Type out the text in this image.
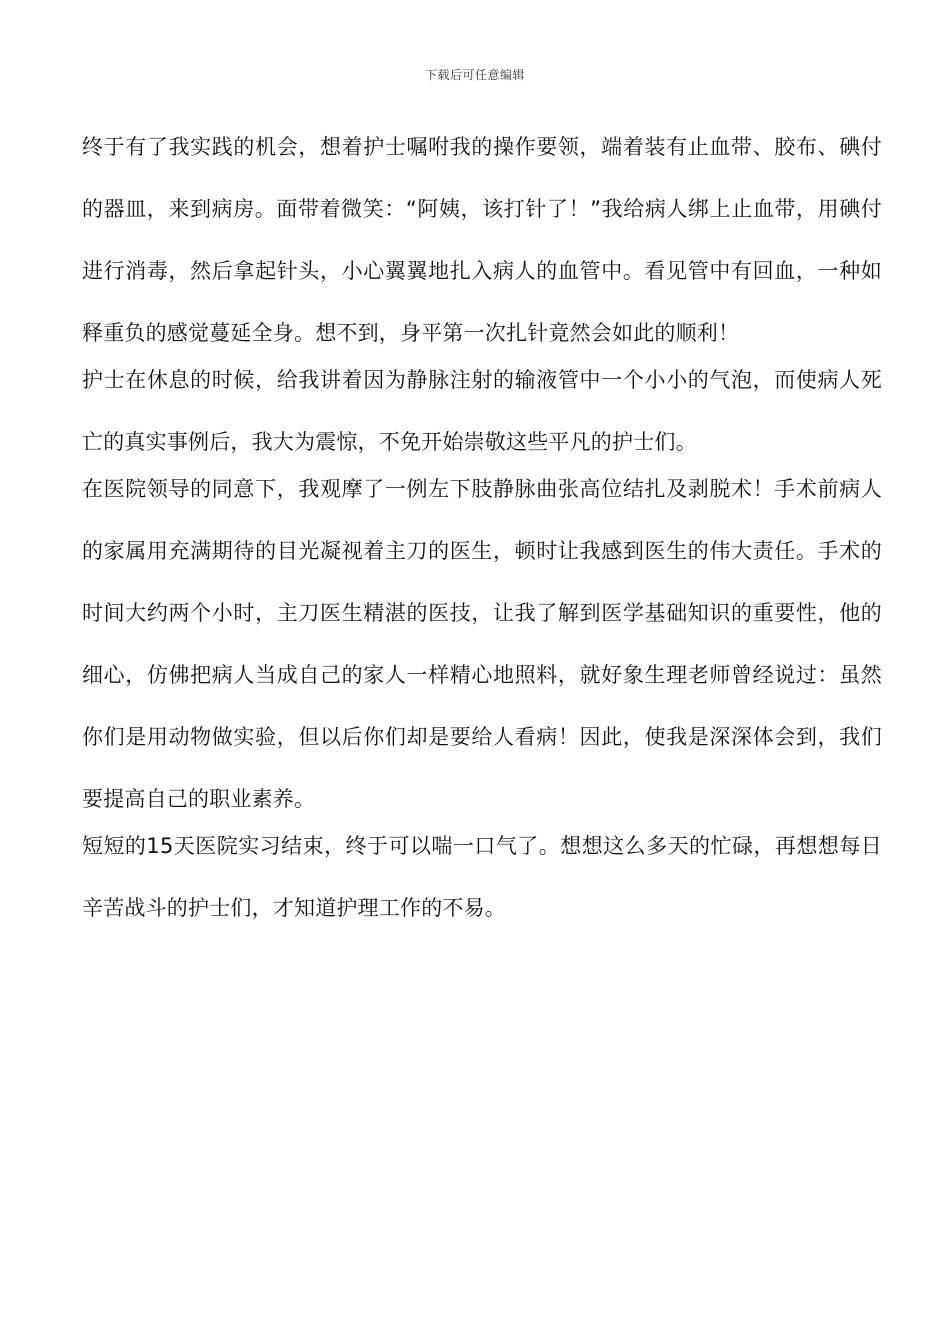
下载后可任意编辑

终于有了我实践的机会，想着护士嘱咐我的操作要领，端着装有止血带、胶布、碘付的器皿，来到病房。面带着微笑：“阿姨，该打针了！”我给病人绑上止血带，用碘付进行消毒，然后拿起针头，小心翼翼地扎入病人的血管中。看见管中有回血，一种如释重负的感觉蔓延全身。想不到，身平第一次扎针竟然会如此的顺利！

护士在休息的时候，给我讲着因为静脉注射的输液管中一个小小的气泡，而使病人死亡的真实事例后，我大为震惊，不免开始崇敬这些平凡的护士们。

在医院领导的同意下，我观摩了一例左下肢静脉曲张高位结扎及剥脱术！手术前病人的家属用充满期待的目光凝视着主刀的医生，顿时让我感到医生的伟大责任。手术的时间大约两个小时，主刀医生精湛的医技，让我了解到医学基础知识的重要性，他的细心，仿佛把病人当成自己的家人一样精心地照料，就好象生理老师曾经说过：虽然你们是用动物做实验，但以后你们却是要给人看病！因此，使我是深深体会到，我们要提高自己的职业素养。

短短的15天医院实习结束，终于可以喘一口气了。想想这么多天的忙碌，再想想每日辛苦战斗的护士们，才知道护理工作的不易。
